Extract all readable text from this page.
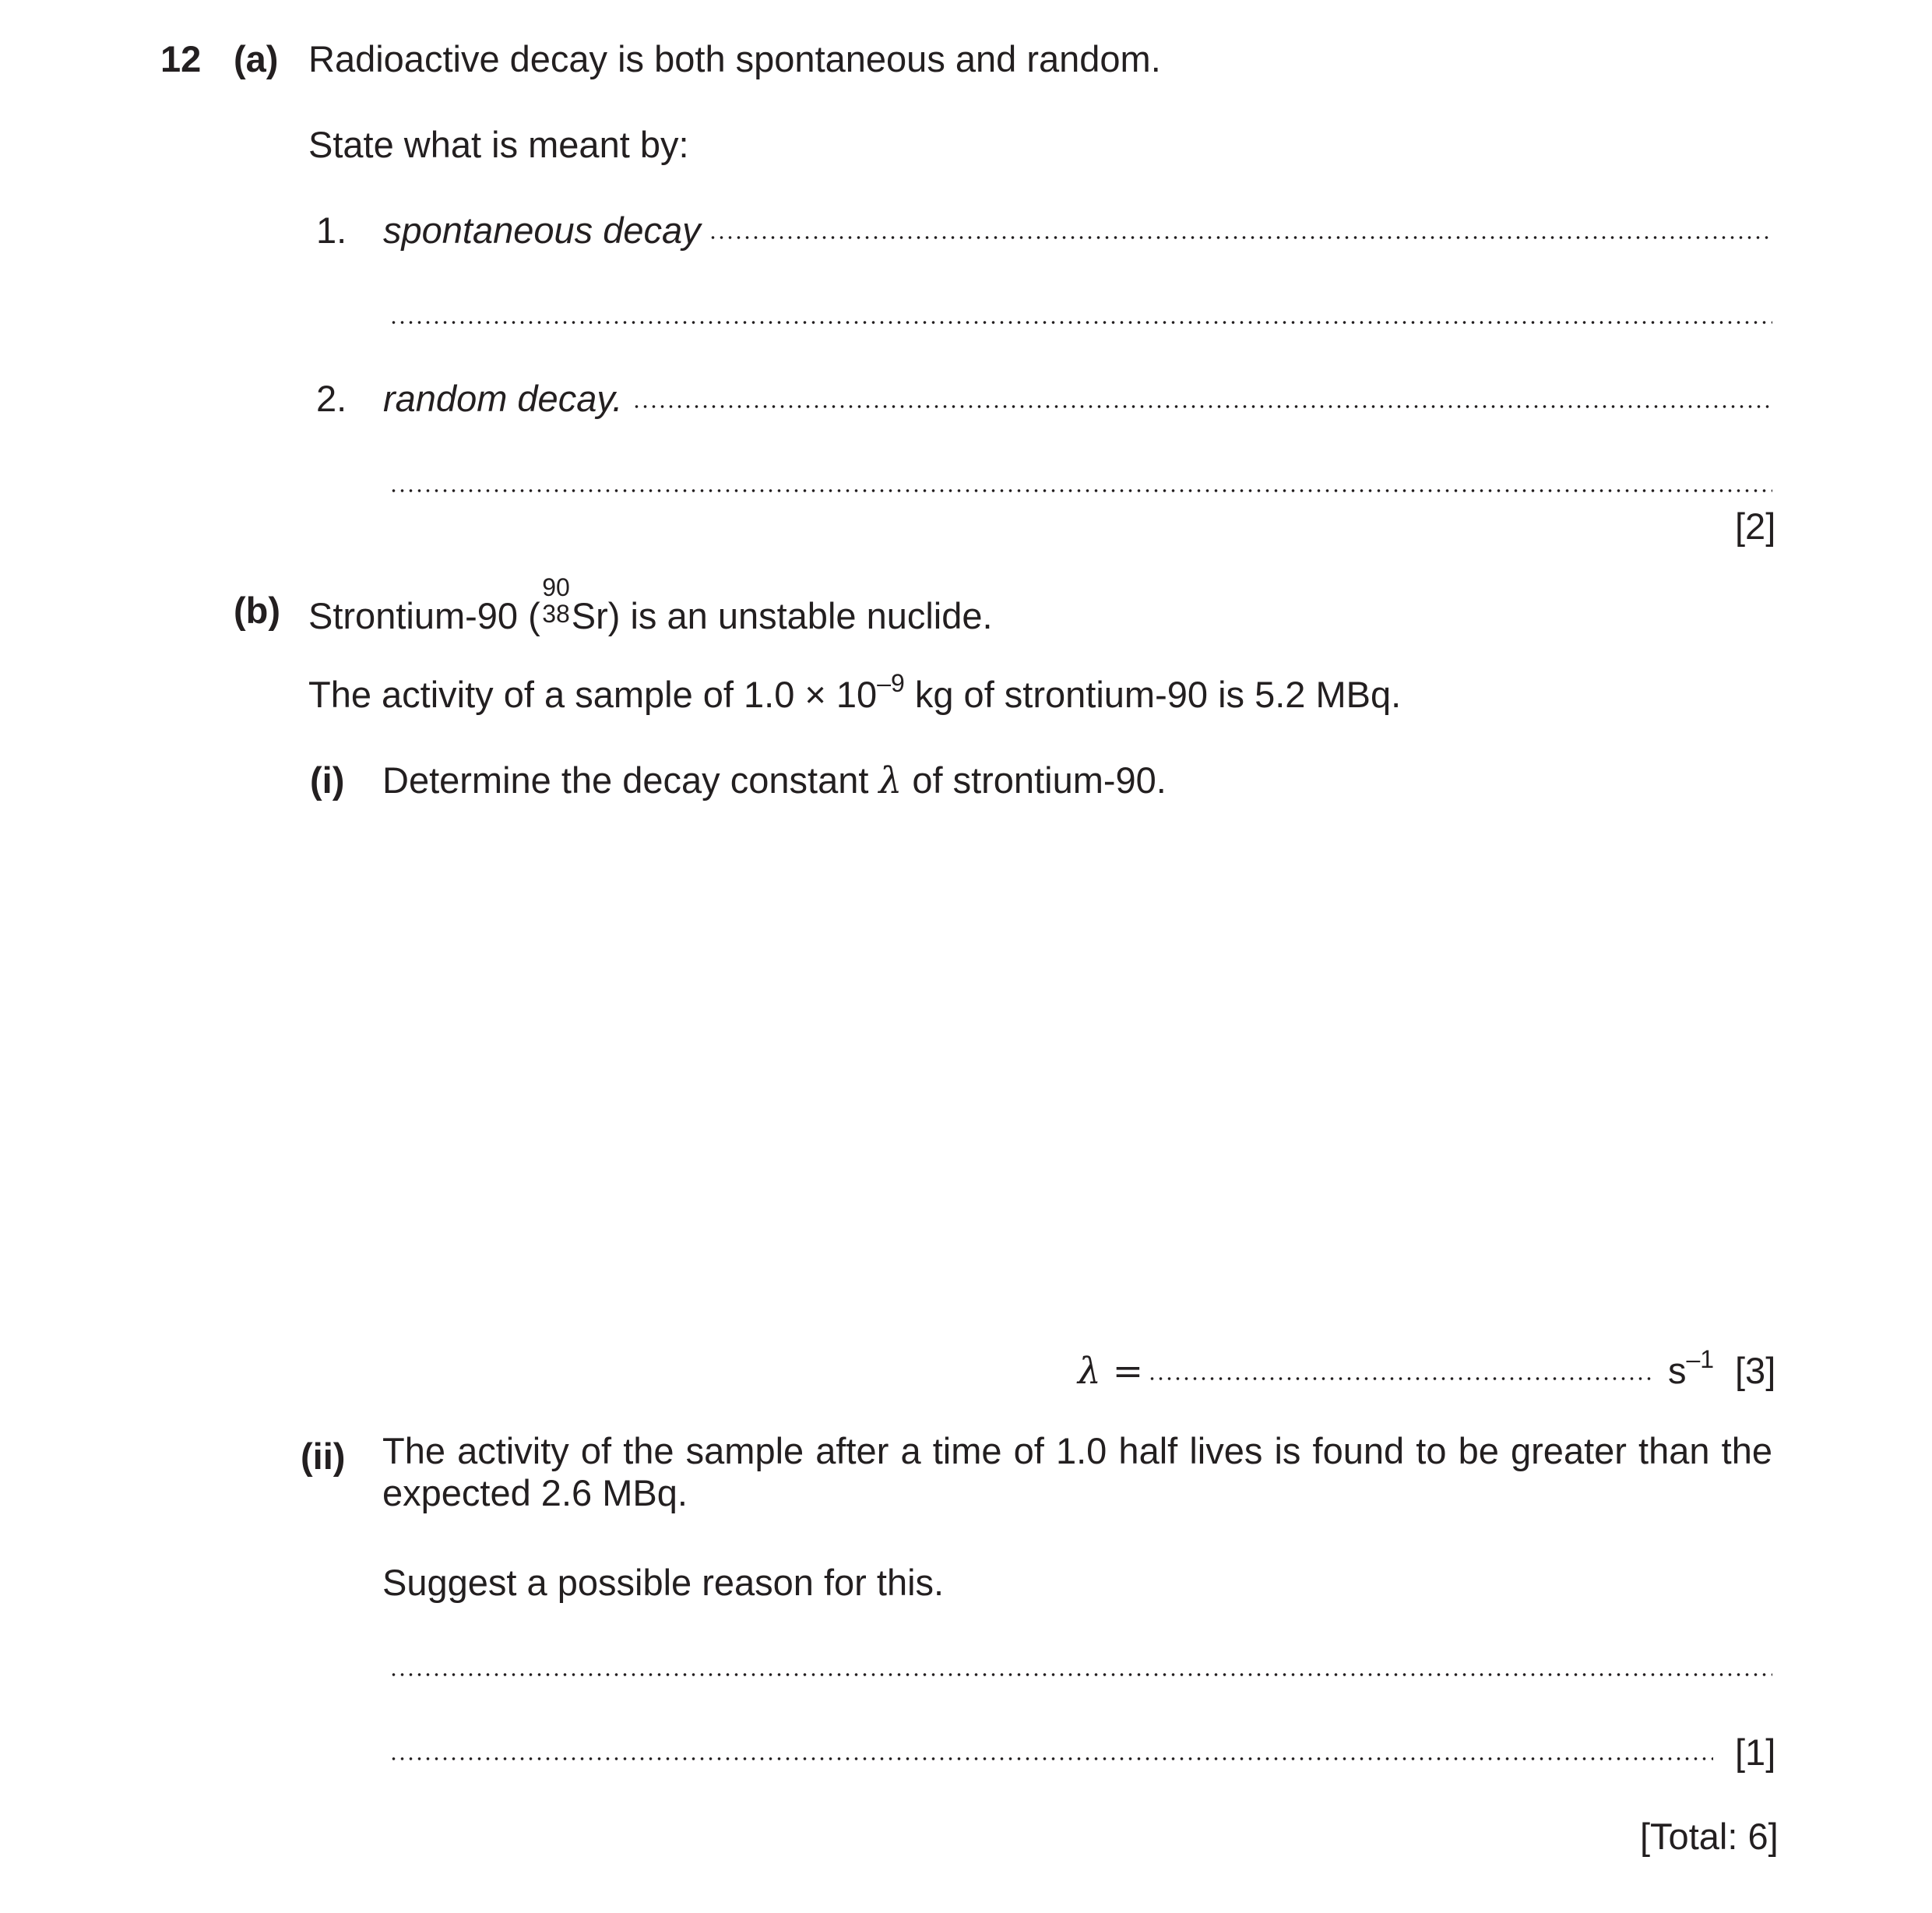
12 (a) Radioactive decay is both spontaneous and random.
State what is meant by:
1. spontaneous decay
2. random decay.
[2]
(b) Strontium-90 (
90
38 Sr) is an unstable nuclide.
The activity of a sample of $1.0 \times 10^{-9}$ kg of strontium-90 is 5.2 MBq.
(i) Determine the decay constant λ of strontium-90.
λ =	$s^{-1}$ [3]
(ii) The activity of the sample after a time of 1.0 half lives is found to be greater than the expected 2.6 MBq.
Suggest a possible reason for this.
[1]
[Total: 6]
